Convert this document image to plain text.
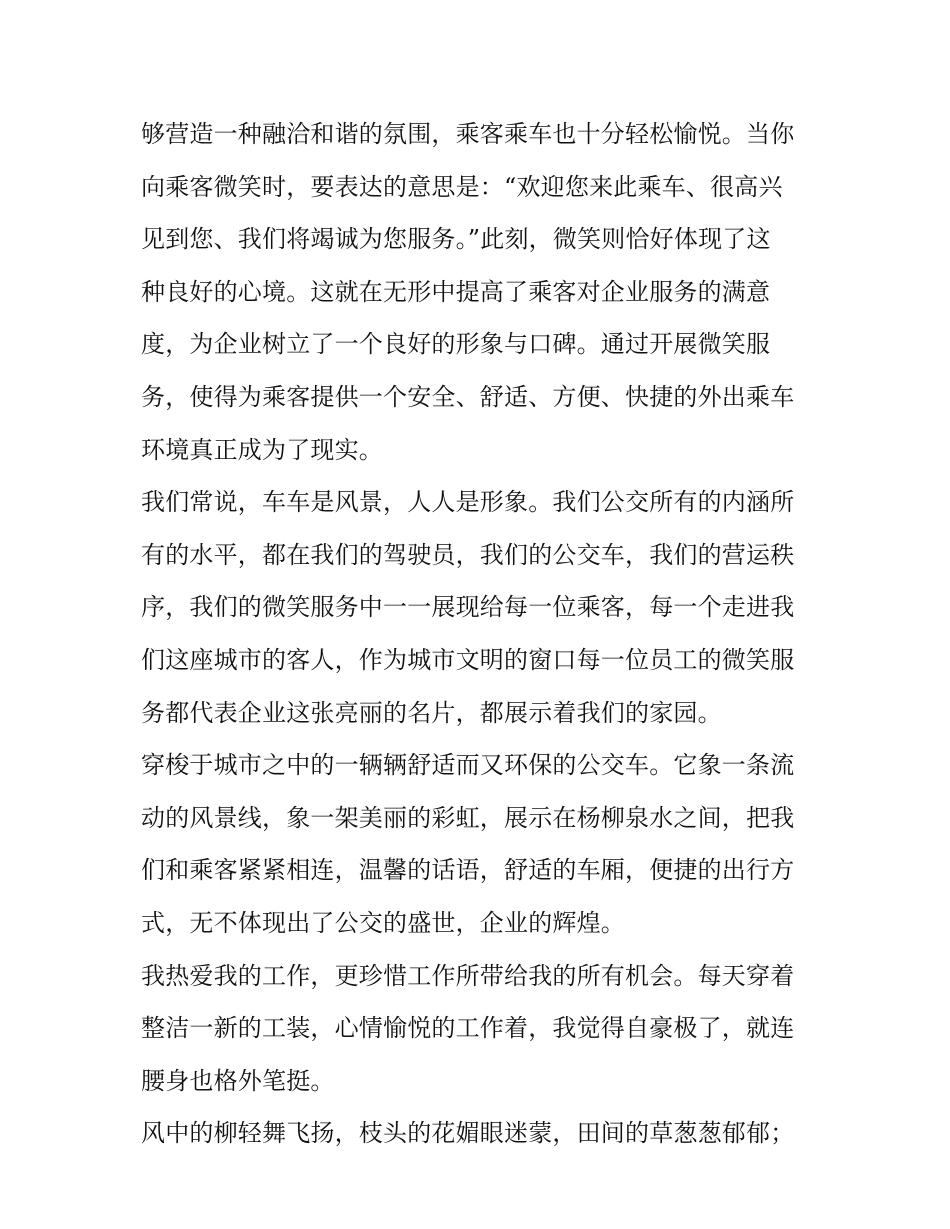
够营造一种融洽和谐的氛围，乘客乘车也十分轻松愉悦。当你
向乘客微笑时，要表达的意思是：“欢迎您来此乘车、很高兴
见到您、我们将竭诚为您服务。”此刻，微笑则恰好体现了这
种良好的心境。这就在无形中提高了乘客对企业服务的满意
度，为企业树立了一个良好的形象与口碑。通过开展微笑服
务，使得为乘客提供一个安全、舒适、方便、快捷的外出乘车
环境真正成为了现实。
我们常说，车车是风景，人人是形象。我们公交所有的内涵所
有的水平，都在我们的驾驶员，我们的公交车，我们的营运秩
序，我们的微笑服务中一一展现给每一位乘客，每一个走进我
们这座城市的客人，作为城市文明的窗口每一位员工的微笑服
务都代表企业这张亮丽的名片，都展示着我们的家园。
穿梭于城市之中的一辆辆舒适而又环保的公交车。它象一条流
动的风景线，象一架美丽的彩虹，展示在杨柳泉水之间，把我
们和乘客紧紧相连，温馨的话语，舒适的车厢，便捷的出行方
式，无不体现出了公交的盛世，企业的辉煌。
我热爱我的工作，更珍惜工作所带给我的所有机会。每天穿着
整洁一新的工装，心情愉悦的工作着，我觉得自豪极了，就连
腰身也格外笔挺。
风中的柳轻舞飞扬，枝头的花媚眼迷蒙，田间的草葱葱郁郁；
